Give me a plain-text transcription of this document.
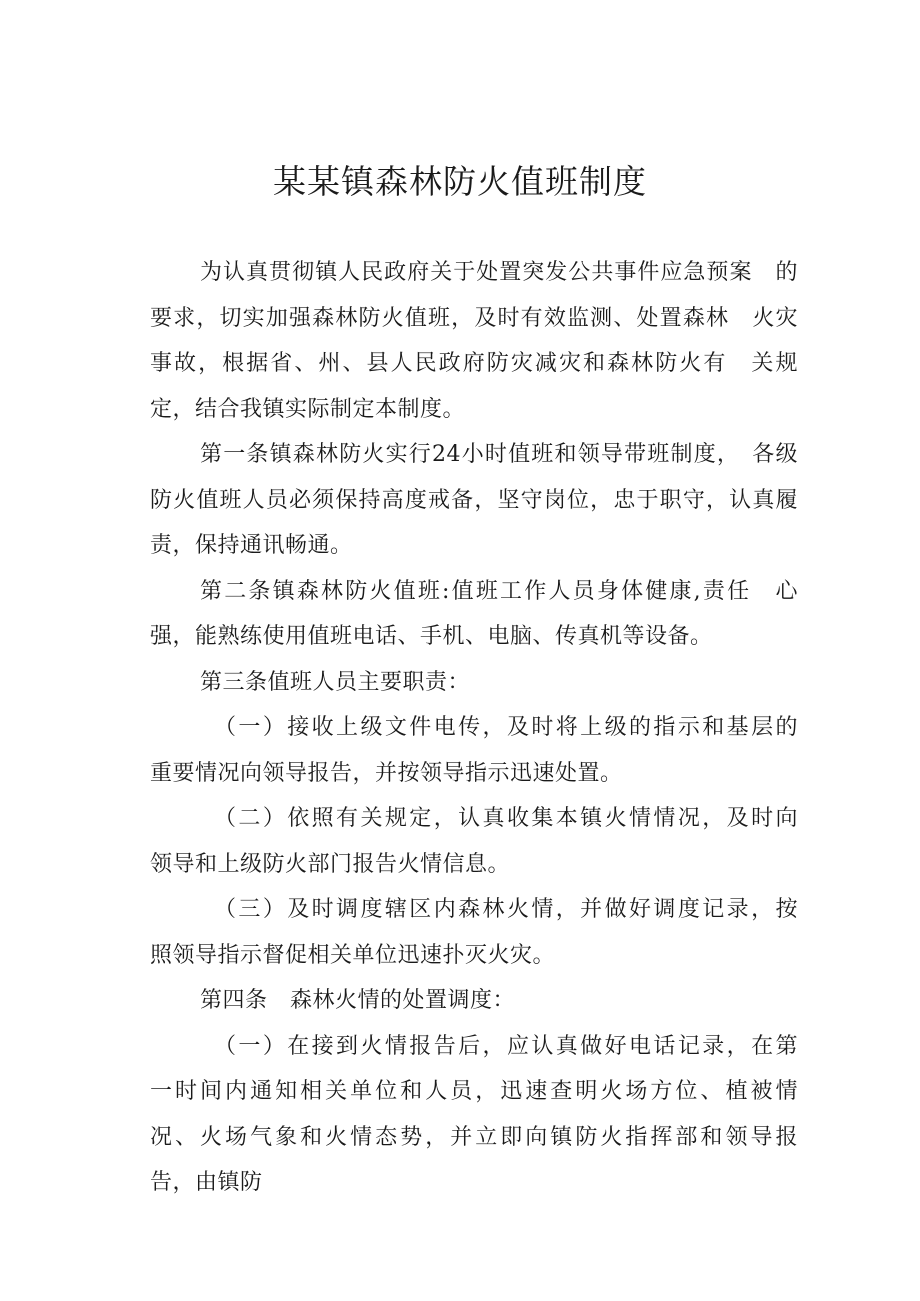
某某镇森林防火值班制度

为认真贯彻镇人民政府关于处置突发公共事件应急预案　的要求，切实加强森林防火值班，及时有效监测、处置森林　火灾事故，根据省、州、县人民政府防灾减灾和森林防火有　关规定，结合我镇实际制定本制度。

第一条镇森林防火实行24小时值班和领导带班制度，　各级防火值班人员必须保持高度戒备，坚守岗位，忠于职守，认真履责，保持通讯畅通。

第二条镇森林防火值班:值班工作人员身体健康,责任　心强，能熟练使用值班电话、手机、电脑、传真机等设备。

第三条值班人员主要职责：

（一）接收上级文件电传，及时将上级的指示和基层的　重要情况向领导报告，并按领导指示迅速处置。

（二）依照有关规定，认真收集本镇火情情况，及时向　领导和上级防火部门报告火情信息。

（三）及时调度辖区内森林火情，并做好调度记录，按　照领导指示督促相关单位迅速扑灭火灾。

第四条　森林火情的处置调度：

（一）在接到火情报告后，应认真做好电话记录，在第　一时间内通知相关单位和人员，迅速查明火场方位、植被情　况、火场气象和火情态势，并立即向镇防火指挥部和领导报　告，由镇防
